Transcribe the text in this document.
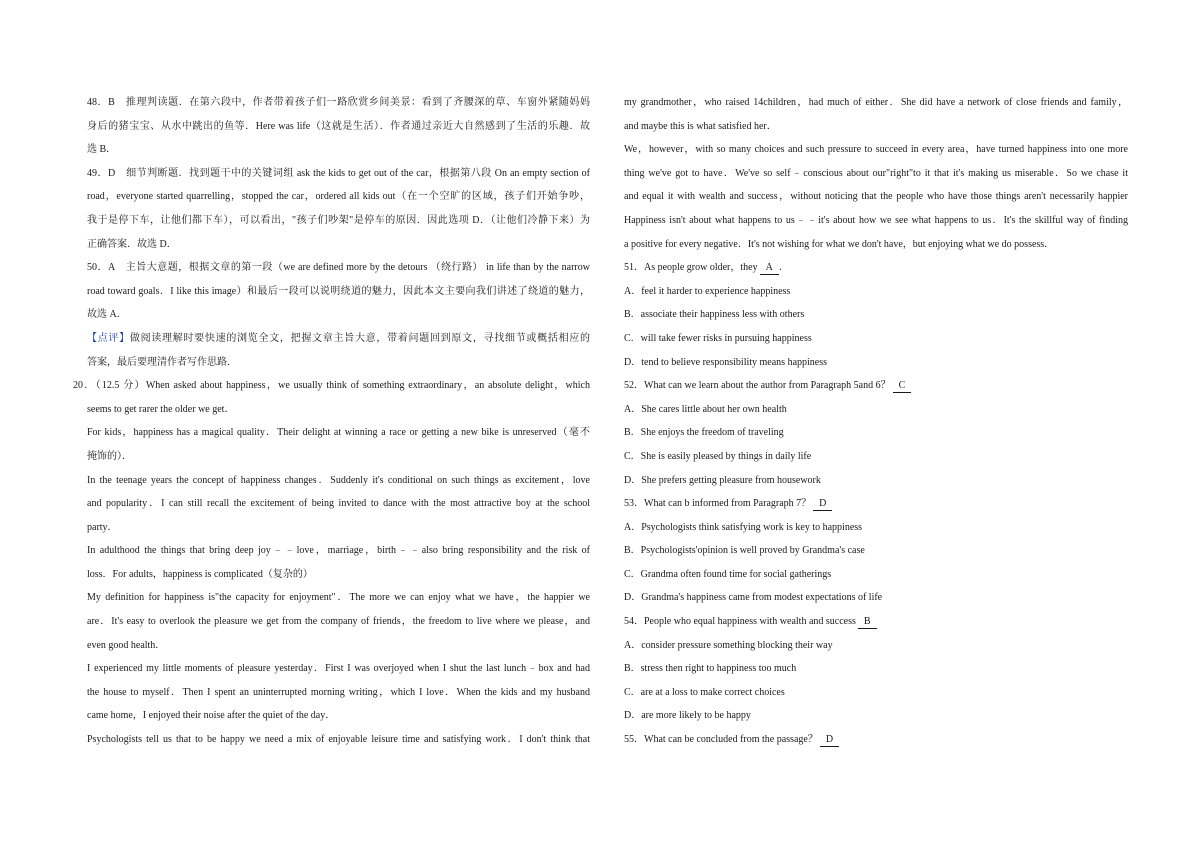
48．B　推理判读题．在第六段中，作者带着孩子们一路欣赏乡间美景：看到了齐腰深的草、车窗外紧随妈妈
身后的猪宝宝、从水中跳出的鱼等．Here was life（这就是生活）．作者通过亲近大自然感到了生活的乐趣．故
选 B．
49．D　细节判断题．找到题干中的关键词组 ask the kids to get out of the car，根据第八段 On an empty section of
road，everyone started quarrelling，stopped the car，ordered all kids out（在一个空旷的区域，孩子们开始争吵，
我于是停下车，让他们都下车），可以看出，"孩子们吵架"是停车的原因．因此选项 D．（让他们冷静下来）为
正确答案．故选 D．
50．A　主旨大意题，根据文章的第一段（we are defined more by the detours （绕行路） in life than by the narrow
road toward goals．I like this image）和最后一段可以说明绕道的魅力，因此本文主要向我们讲述了绕道的魅力，
故选 A．
【点评】做阅读理解时要快速的浏览全文，把握文章主旨大意，带着问题回到原文，寻找细节或概括相应的
答案，最后要理清作者写作思路．
20．（12.5 分）When asked about happiness，we usually think of something extraordinary，an absolute delight，which
seems to get rarer the older we get．
For kids，happiness has a magical quality．Their delight at winning a race or getting a new bike is unreserved（毫不
掩饰的）．
In the teenage years the concept of happiness changes．Suddenly it's conditional on such things as excitement，love
and popularity．I can still recall the excitement of being invited to dance with the most attractive boy at the school
party．
In adulthood the things that bring deep joy﹣﹣love，marriage，birth﹣﹣also bring responsibility and the risk of
loss．For adults，happiness is complicated（复杂的）
My definition for happiness is"the capacity for enjoyment"．The more we can enjoy what we have，the happier we
are．It's easy to overlook the pleasure we get from the company of friends，the freedom to live where we please，and
even good health．
I experienced my little moments of pleasure yesterday．First I was overjoyed when I shut the last lunch﹣box and had
the house to myself．Then I spent an uninterrupted morning writing，which I love．When the kids and my husband
came home，I enjoyed their noise after the quiet of the day．
Psychologists tell us that to be happy we need a mix of enjoyable leisure time and satisfying work．I don't think that
my grandmother，who raised 14children，had much of either．She did have a network of close friends and family，
and maybe this is what satisfied her．
We，however，with so many choices and such pressure to succeed in every area，have turned happiness into one more
thing we've got to have．We've so self﹣conscious about our"right"to it that it's making us miserable．So we chase it
and equal it with wealth and success，without noticing that the people who have those things aren't necessarily happier
Happiness isn't about what happens to us﹣﹣it's about how we see what happens to us．It's the skillful way of finding
a positive for every negative．It's not wishing for what we don't have，but enjoying what we do possess．
51．As people grow older，they A ．
A．feel it harder to experience happiness
B．associate their happiness less with others
C．will take fewer risks in pursuing happiness
D．tend to believe responsibility means happiness
52．What can we learn about the author from Paragraph 5and 6？ C
A．She cares little about her own health
B．She enjoys the freedom of traveling
C．She is easily pleased by things in daily life
D．She prefers getting pleasure from housework
53．What can b informed from Paragraph 7？ D
A．Psychologists think satisfying work is key to happiness
B．Psychologists'opinion is well proved by Grandma's case
C．Grandma often found time for social gatherings
D．Grandma's happiness came from modest expectations of life
54．People who equal happiness with wealth and success B
A．consider pressure something blocking their way
B．stress then right to happiness too much
C．are at a loss to make correct choices
D．are more likely to be happy
55．What can be concluded from the passage？ D
